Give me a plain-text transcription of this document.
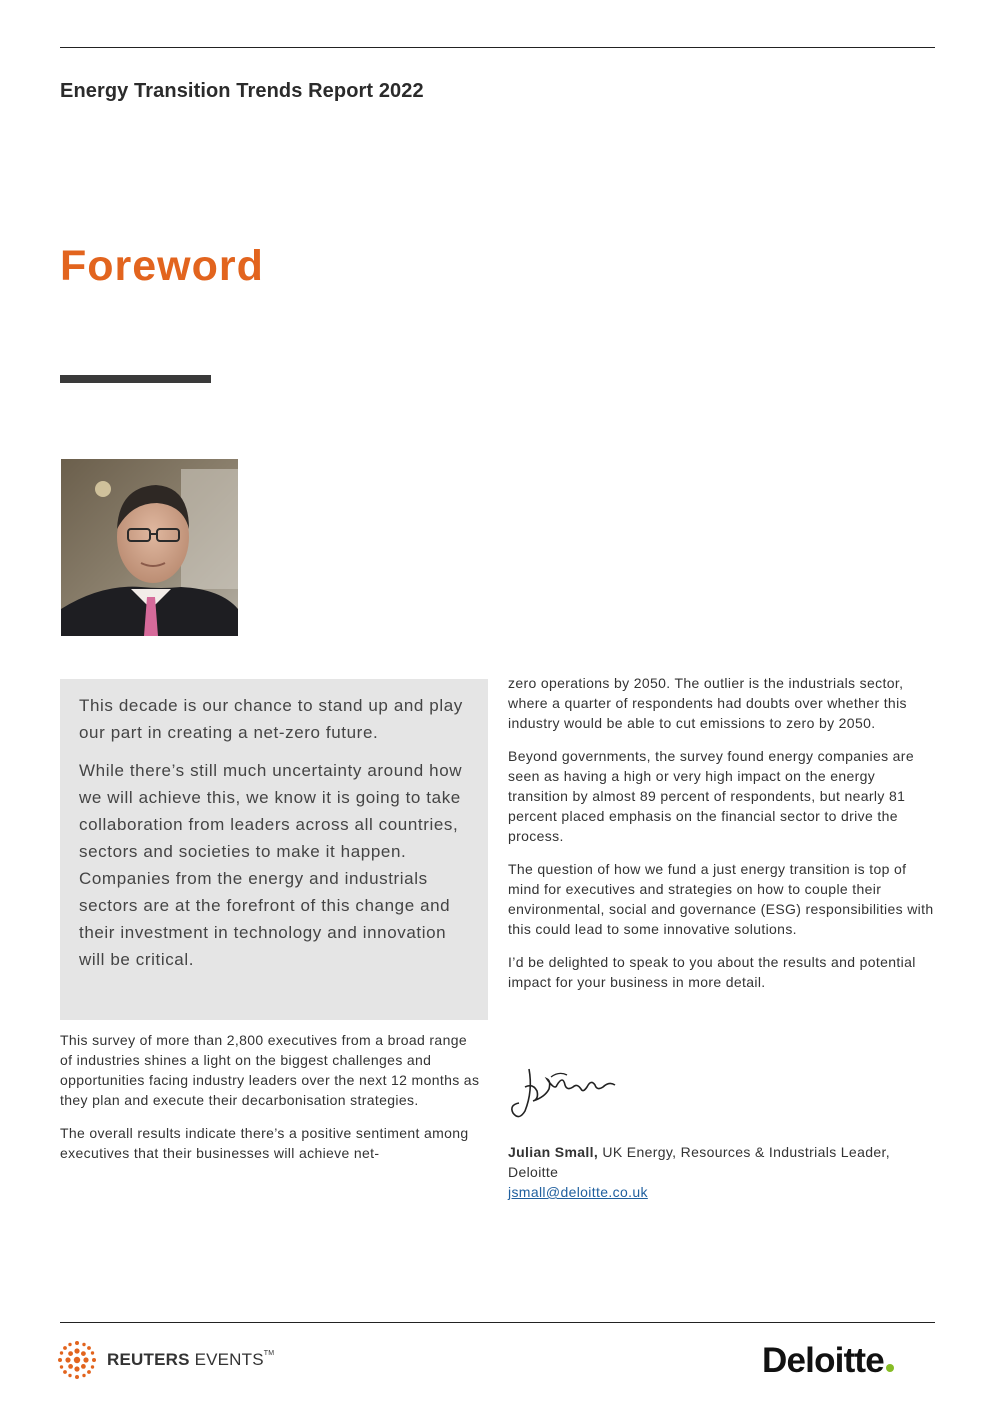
Energy Transition Trends Report 2022
Foreword

This decade is our chance to stand up and play our part in creating a net-zero future.

While there’s still much uncertainty around how we will achieve this, we know it is going to take collaboration from leaders across all countries, sectors and societies to make it happen. Companies from the energy and industrials sectors are at the forefront of this change and their investment in technology and innovation will be critical.

This survey of more than 2,800 executives from a broad range of industries shines a light on the biggest challenges and opportunities facing industry leaders over the next 12 months as they plan and execute their decarbonisation strategies.

The overall results indicate there’s a positive sentiment among executives that their businesses will achieve net-

zero operations by 2050. The outlier is the industrials sector, where a quarter of respondents had doubts over whether this industry would be able to cut emissions to zero by 2050.

Beyond governments, the survey found energy companies are seen as having a high or very high impact on the energy transition by almost 89 percent of respondents, but nearly 81 percent placed emphasis on the financial sector to drive the process.

The question of how we fund a just energy transition is top of mind for executives and strategies on how to couple their environmental, social and governance (ESG) responsibilities with this could lead to some innovative solutions.

I’d be delighted to speak to you about the results and potential impact for your business in more detail.

Julian Small, UK Energy, Resources & Industrials Leader, Deloitte
jsmall@deloitte.co.uk
REUTERS EVENTS™	Deloitte
